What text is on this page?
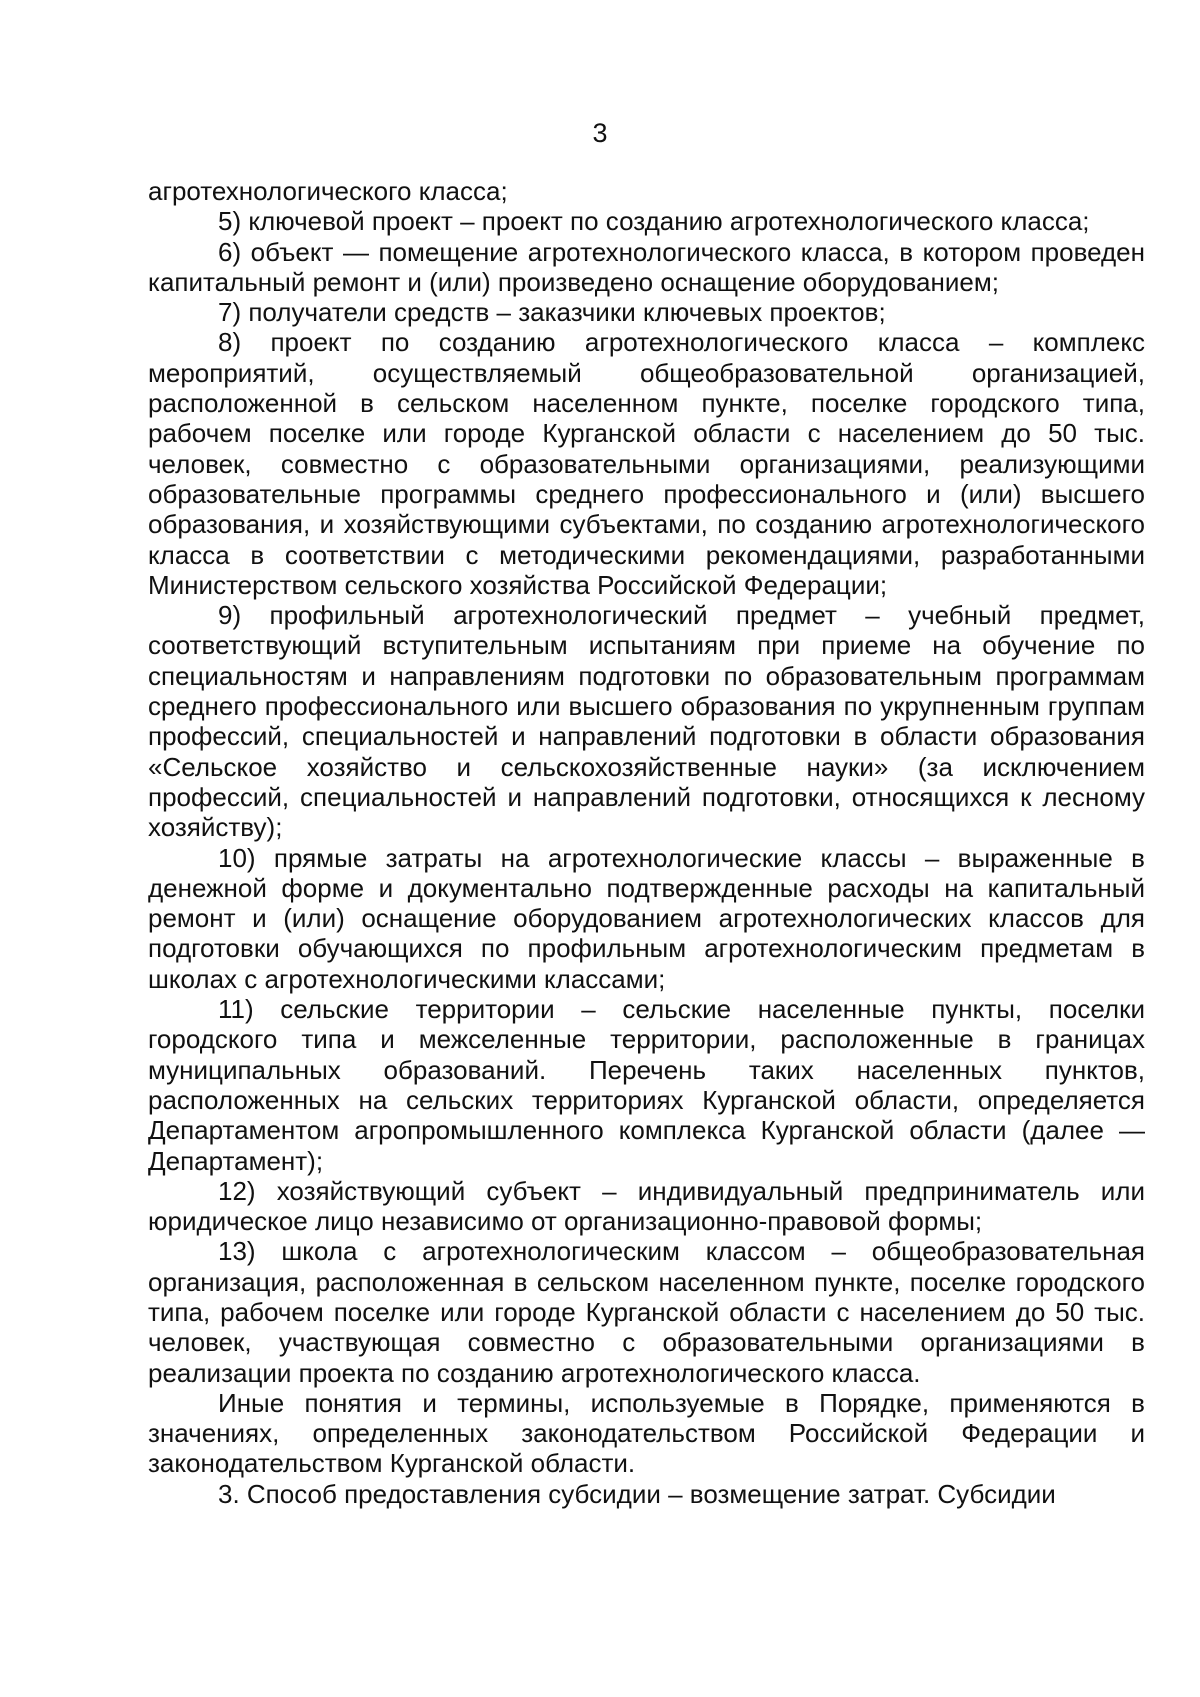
3

агротехнологического класса;

5) ключевой проект – проект по созданию агротехнологического класса;

6) объект — помещение агротехнологического класса, в котором проведен капитальный ремонт и (или) произведено оснащение оборудованием;

7) получатели средств – заказчики ключевых проектов;

8) проект по созданию агротехнологического класса – комплекс мероприятий, осуществляемый общеобразовательной организацией, расположенной в сельском населенном пункте, поселке городского типа, рабочем поселке или городе Курганской области с населением до 50 тыс. человек, совместно с образовательными организациями, реализующими образовательные программы среднего профессионального и (или) высшего образования, и хозяйствующими субъектами, по созданию агротехнологического класса в соответствии с методическими рекомендациями, разработанными Министерством сельского хозяйства Российской Федерации;

9) профильный агротехнологический предмет – учебный предмет, соответствующий вступительным испытаниям при приеме на обучение по специальностям и направлениям подготовки по образовательным программам среднего профессионального или высшего образования по укрупненным группам профессий, специальностей и направлений подготовки в области образования «Сельское хозяйство и сельскохозяйственные науки» (за исключением профессий, специальностей и направлений подготовки, относящихся к лесному хозяйству);

10) прямые затраты на агротехнологические классы – выраженные в денежной форме и документально подтвержденные расходы на капитальный ремонт и (или) оснащение оборудованием агротехнологических классов для подготовки обучающихся по профильным агротехнологическим предметам в школах с агротехнологическими классами;

11) сельские территории – сельские населенные пункты, поселки городского типа и межселенные территории, расположенные в границах муниципальных образований. Перечень таких населенных пунктов, расположенных на сельских территориях Курганской области, определяется Департаментом агропромышленного комплекса Курганской области (далее — Департамент);

12) хозяйствующий субъект – индивидуальный предприниматель или юридическое лицо независимо от организационно-правовой формы;

13) школа с агротехнологическим классом – общеобразовательная организация, расположенная в сельском населенном пункте, поселке городского типа, рабочем поселке или городе Курганской области с населением до 50 тыс. человек, участвующая совместно с образовательными организациями в реализации проекта по созданию агротехнологического класса.

Иные понятия и термины, используемые в Порядке, применяются в значениях, определенных законодательством Российской Федерации и законодательством Курганской области.

3. Способ предоставления субсидии – возмещение затрат. Субсидии
